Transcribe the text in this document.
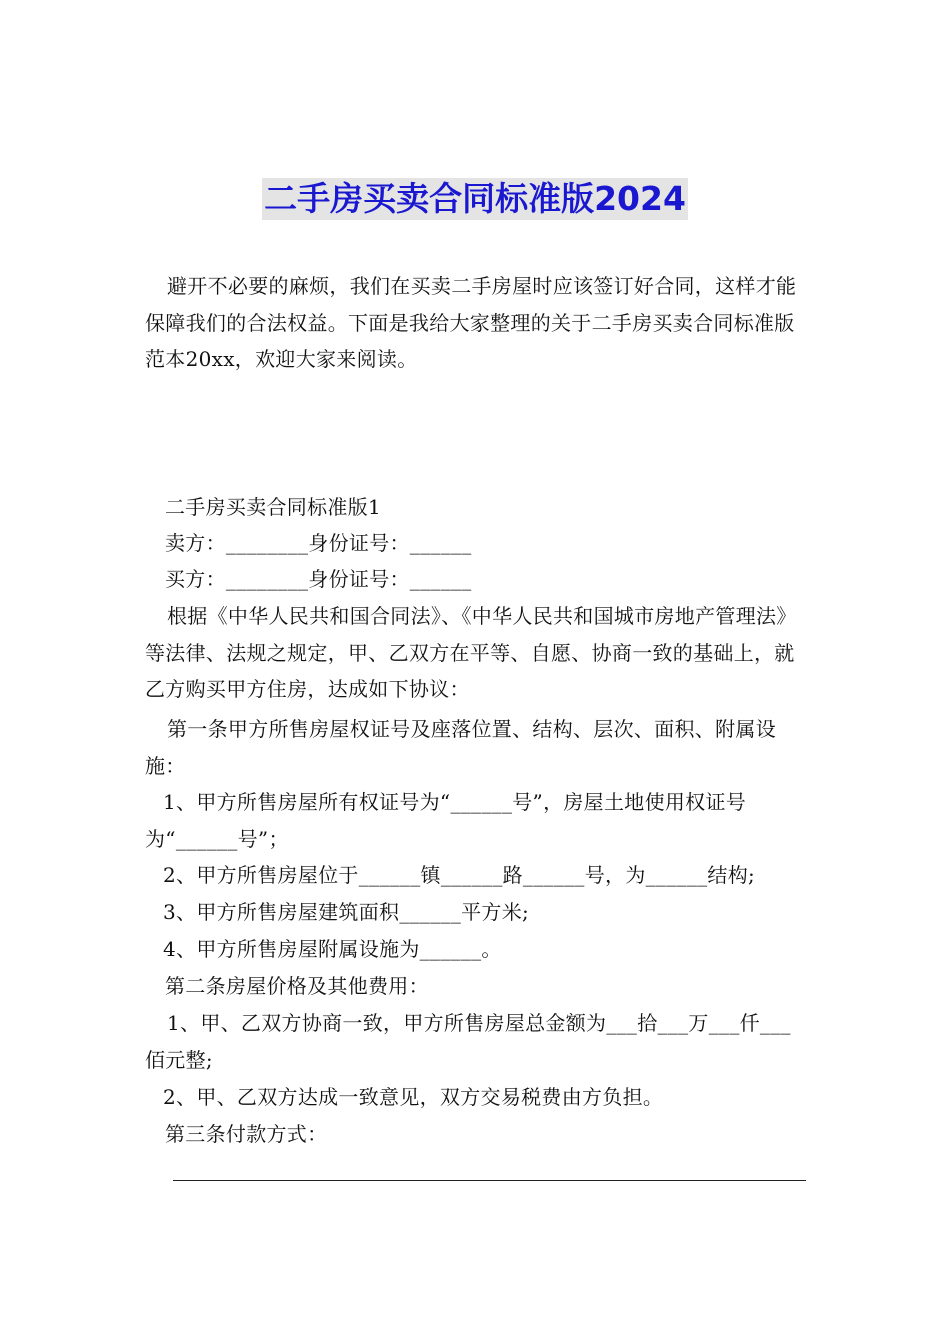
二手房买卖合同标准版2024
避开不必要的麻烦，我们在买卖二手房屋时应该签订好合同，这样才能保障我们的合法权益。下面是我给大家整理的关于二手房买卖合同标准版范本20xx，欢迎大家来阅读。
二手房买卖合同标准版1
卖方：________身份证号：______
买方：________身份证号：______
根据《中华人民共和国合同法》、《中华人民共和国城市房地产管理法》等法律、法规之规定，甲、乙双方在平等、自愿、协商一致的基础上，就乙方购买甲方住房，达成如下协议：
第一条甲方所售房屋权证号及座落位置、结构、层次、面积、附属设施：
1、甲方所售房屋所有权证号为“______号”，房屋土地使用权证号为“______号”；
2、甲方所售房屋位于______镇______路______号，为______结构;
3、甲方所售房屋建筑面积______平方米;
4、甲方所售房屋附属设施为______。
第二条房屋价格及其他费用：
1、甲、乙双方协商一致，甲方所售房屋总金额为___拾___万___仟___佰元整;
2、甲、乙双方达成一致意见，双方交易税费由方负担。
第三条付款方式：
